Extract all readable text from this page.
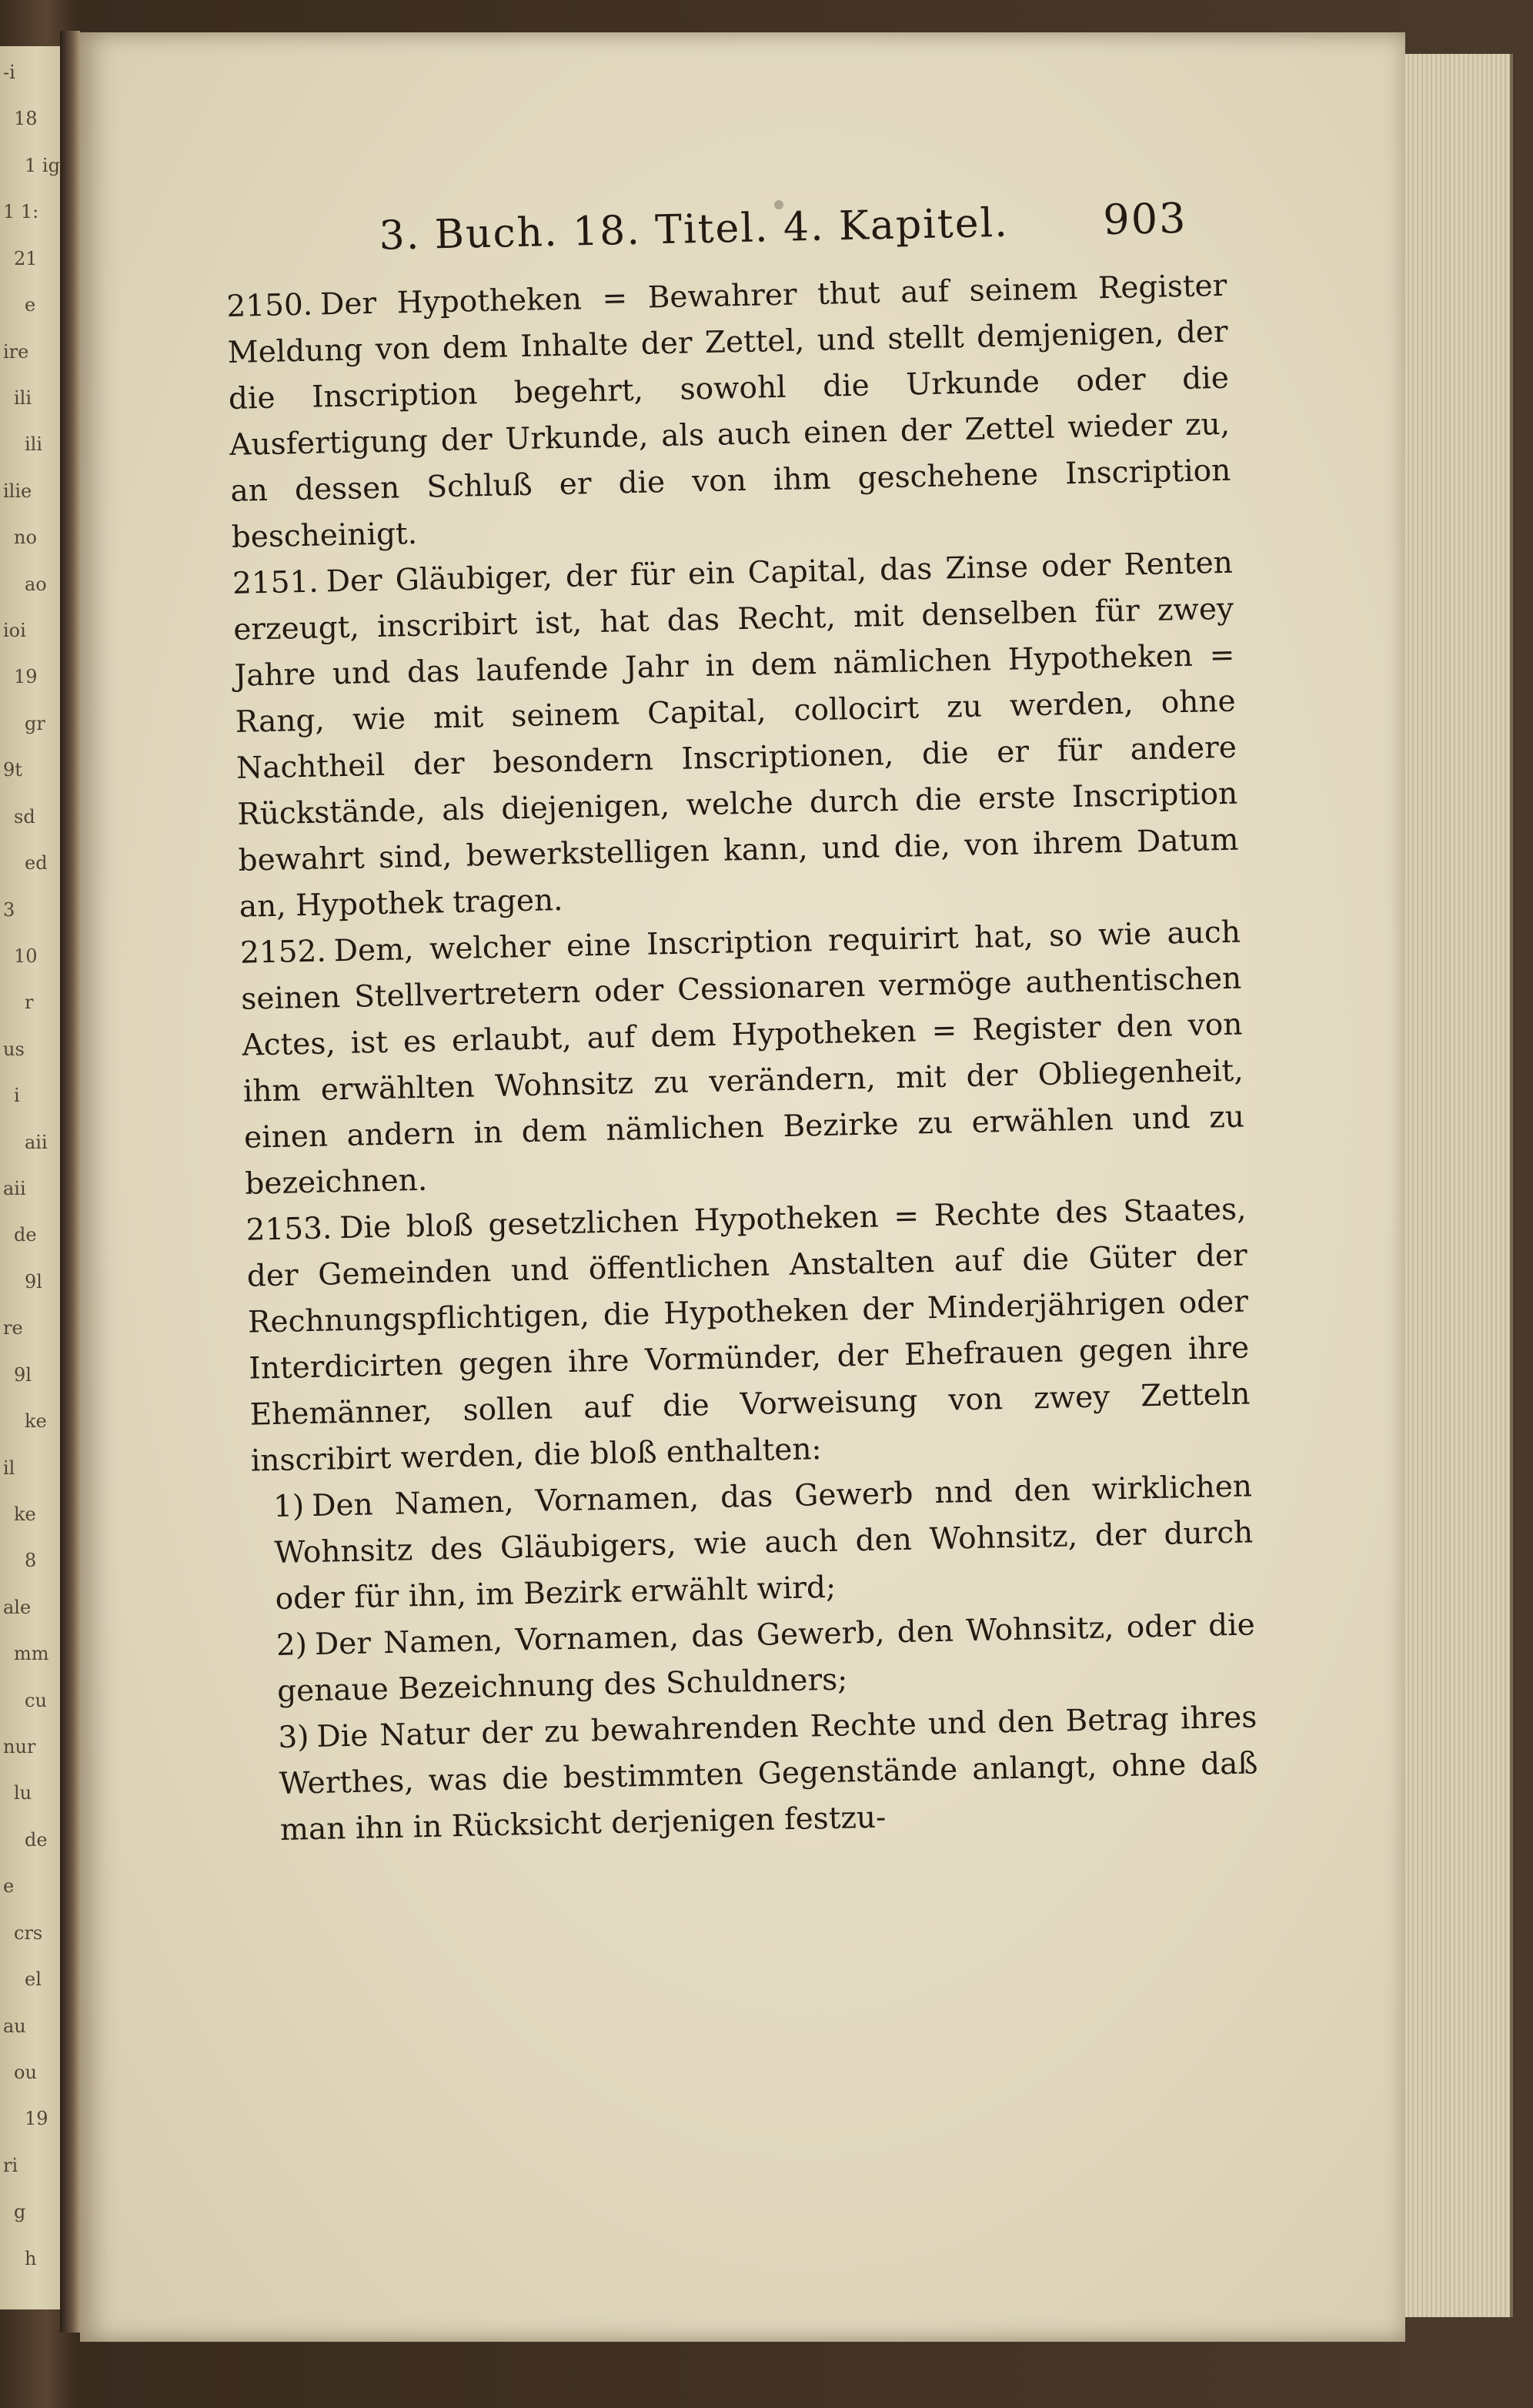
-i
18
1 ig
1 1:
21
e
ire
ili
ili
ilie
no
ao
ioi
19
gr
9t
sd
ed
3
10
r
us
i
aii
aii
de
9l
re
9l
ke
il
ke
8
ale
mm
cu
nur
lu
de
e
crs
el
au
ou
19
ri
g
h
3. Buch. 18. Titel. 4. Kapitel. 903

2150. Der Hypotheken = Bewahrer thut auf seinem Register Meldung von dem Inhalte der Zettel, und stellt demjenigen, der die Inscription begehrt, sowohl die Urkunde oder die Ausfertigung der Urkunde, als auch einen der Zettel wieder zu, an dessen Schluß er die von ihm geschehene Inscription bescheinigt.

2151. Der Gläubiger, der für ein Capital, das Zinse oder Renten erzeugt, inscribirt ist, hat das Recht, mit denselben für zwey Jahre und das laufende Jahr in dem nämlichen Hypotheken = Rang, wie mit seinem Capital, collocirt zu werden, ohne Nachtheil der besondern Inscriptionen, die er für andere Rückstände, als diejenigen, welche durch die erste Inscription bewahrt sind, bewerkstelligen kann, und die, von ihrem Datum an, Hypothek tragen.

2152. Dem, welcher eine Inscription requirirt hat, so wie auch seinen Stellvertretern oder Cessionaren vermöge authentischen Actes, ist es erlaubt, auf dem Hypotheken = Register den von ihm erwählten Wohnsitz zu verändern, mit der Obliegenheit, einen andern in dem nämlichen Bezirke zu erwählen und zu bezeichnen.

2153. Die bloß gesetzlichen Hypotheken = Rechte des Staates, der Gemeinden und öffentlichen Anstalten auf die Güter der Rechnungspflichtigen, die Hypotheken der Minderjährigen oder Interdicirten gegen ihre Vormünder, der Ehefrauen gegen ihre Ehemänner, sollen auf die Vorweisung von zwey Zetteln inscribirt werden, die bloß enthalten:

1) Den Namen, Vornamen, das Gewerb nnd den wirklichen Wohnsitz des Gläubigers, wie auch den Wohnsitz, der durch oder für ihn, im Bezirk erwählt wird;

2) Der Namen, Vornamen, das Gewerb, den Wohnsitz, oder die genaue Bezeichnung des Schuldners;

3) Die Natur der zu bewahrenden Rechte und den Betrag ihres Werthes, was die bestimmten Gegenstände anlangt, ohne daß man ihn in Rücksicht derjenigen festzu-
